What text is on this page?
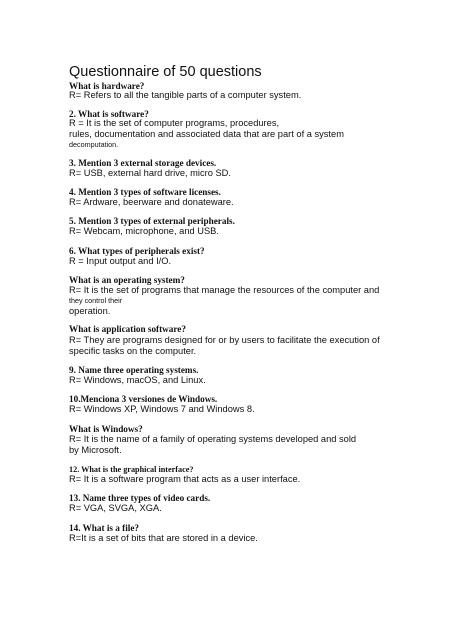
Questionnaire of 50 questions
What is hardware?
R= Refers to all the tangible parts of a computer system.
2. What is software?
R = It is the set of computer programs, procedures,
rules, documentation and associated data that are part of a system
decomputation.
3. Mention 3 external storage devices.
R= USB, external hard drive, micro SD.
4. Mention 3 types of software licenses.
R= Ardware, beerware and donateware.
5. Mention 3 types of external peripherals.
R= Webcam, microphone, and USB.
6. What types of peripherals exist?
R = Input output and I/O.
What is an operating system?
R= It is the set of programs that manage the resources of the computer and
they control their
operation.
What is application software?
R= They are programs designed for or by users to facilitate the execution of
specific tasks on the computer.
9. Name three operating systems.
R= Windows, macOS, and Linux.
10.Menciona 3 versiones de Windows.
R= Windows XP, Windows 7 and Windows 8.
What is Windows?
R= It is the name of a family of operating systems developed and sold
by Microsoft.
12. What is the graphical interface?
R= It is a software program that acts as a user interface.
13. Name three types of video cards.
R= VGA, SVGA, XGA.
14. What is a file?
R=It is a set of bits that are stored in a device.
